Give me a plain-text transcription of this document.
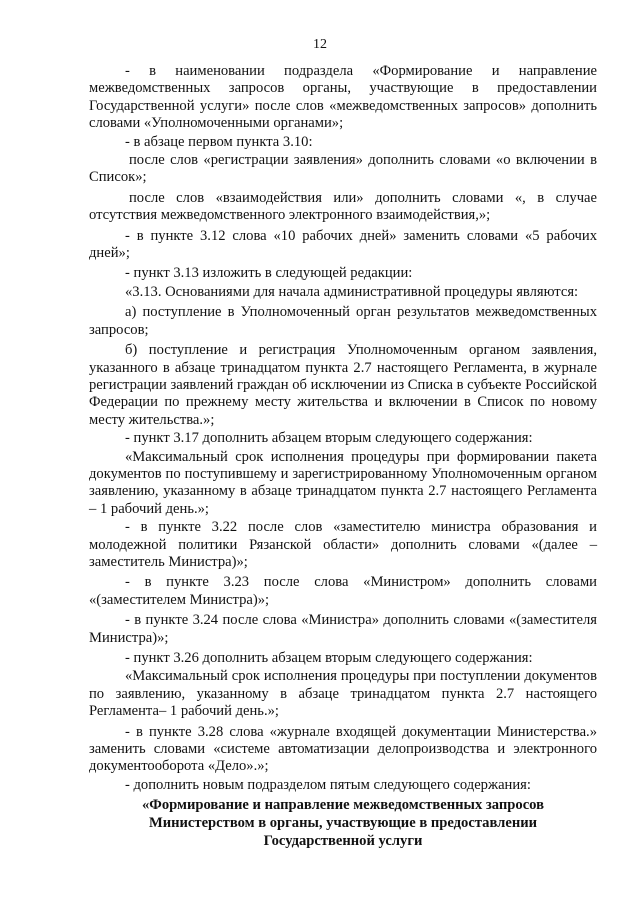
12

- в наименовании подраздела «Формирование и направление межведомственных запросов органы, участвующие в предоставлении Государственной услуги» после слов «межведомственных запросов» дополнить словами «Уполномоченными органами»;

- в абзаце первом пункта 3.10:

после слов «регистрации заявления» дополнить словами «о включении в Список»;

после слов «взаимодействия или» дополнить словами «, в случае отсутствия межведомственного электронного взаимодействия,»;

- в пункте 3.12 слова «10 рабочих дней» заменить словами «5 рабочих дней»;

- пункт 3.13 изложить в следующей редакции:

«3.13. Основаниями для начала административной процедуры являются:

а) поступление в Уполномоченный орган результатов межведомственных запросов;

б) поступление и регистрация Уполномоченным органом заявления, указанного в абзаце тринадцатом пункта 2.7 настоящего Регламента, в журнале регистрации заявлений граждан об исключении из Списка в субъекте Российской Федерации по прежнему месту жительства и включении в Список по новому месту жительства.»;

- пункт 3.17 дополнить абзацем вторым следующего содержания:

«Максимальный срок исполнения процедуры при формировании пакета документов по поступившему и зарегистрированному Уполномоченным органом заявлению, указанному в абзаце тринадцатом пункта 2.7 настоящего Регламента – 1 рабочий день.»;

- в пункте 3.22 после слов «заместителю министра образования и молодежной политики Рязанской области» дополнить словами «(далее – заместитель Министра)»;

- в пункте 3.23 после слова «Министром» дополнить словами «(заместителем Министра)»;

- в пункте 3.24 после слова «Министра» дополнить словами «(заместителя Министра)»;

- пункт 3.26 дополнить абзацем вторым следующего содержания:

«Максимальный срок исполнения процедуры при поступлении документов по заявлению, указанному в абзаце тринадцатом пункта 2.7 настоящего Регламента– 1 рабочий день.»;

- в пункте 3.28 слова «журнале входящей документации Министерства.» заменить словами «системе автоматизации делопроизводства и электронного документооборота «Дело».»;

- дополнить новым подразделом пятым следующего содержания:

«Формирование и направление межведомственных запросов
Министерством в органы, участвующие в предоставлении
Государственной услуги
